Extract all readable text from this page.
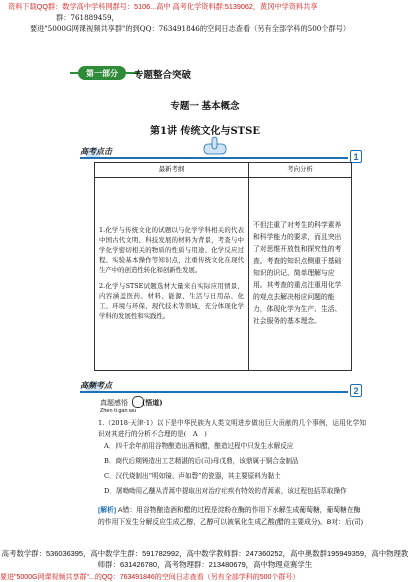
资料下载QQ群：数学高中学科网群号：5106...高中 高考化学资料群:5139062，黄冈中学资料共享
群：761889459，
要进"5000G网课视频共享群"的到QQ：763491846的空间日志查看（另有全部学科的500个群号）
第一部分	专题整合突破
专题一 基本概念
第1讲 传统文化与STSE
高考点击	1
最新考纲	考向分析

1.化学与传统文化的试题以与化学学科相关的代表中国古代文明、科技发展的材料为背景，考查与中学化学密切相关的物质的性质与用途、化学反应过程、实验基本操作等知识点，注重传统文化在现代生产中的创造性转化和创新性发展。

2.化学与STSE试题选材大量来自实际应用情景，内容涵盖医药、材料、能源、生活与日用品、化工、环境与环保、现代技术等领域，充分体现化学学科的发展性和实践性。	不但注重了对考生的科学素养和科学能力的要求，而且突出了对思维开放性和探究性的考查。考查的知识点侧重于基础知识的识记、简单理解与应用。其考查的重点注重用化学的观点去解决相应问题的能力，体现化学为生产、生活、社会服务的基本理念。
高频考点	2
真题感悟
Zhen ti gan wu
(悟道)
1.（2018·天津·1）以下是中华民族为人类文明进步做出巨大贡献的几个事例，运用化学知识对其进行的分析不合理的是(　A　)
A．四千余年前用谷物酿造出酒和醋，酿造过程中只发生水解反应
B．商代后期铸造出工艺精湛的后(司)母戊鼎，该鼎属于铜合金制品
C．汉代烧制出“明如镜、声如磬”的瓷器，其主要原料为黏土
D．屠呦呦用乙醚从青蒿中提取出对治疗疟疾有特效的青蒿素，该过程包括萃取操作
[解析] A错：用谷物酿造酒和醋的过程是淀粉在酶的作用下水解生成葡萄糖，葡萄糖在酶的作用下发生分解反应生成乙醇，乙醇可以被氧化生成乙酸(醋的主要成分)。B对：后(司)
高考数学群：536036395，高中数学生群：591782992，高中数学教师群：247360252，高中奥数群195949359，高中物理教师群：631426780，高考物理群：213480679，高中物理竞赛学生
要进"5000G网课视频共享群"...的QQ：763491846的空间日志查看（另有全部学科的500个群号）
